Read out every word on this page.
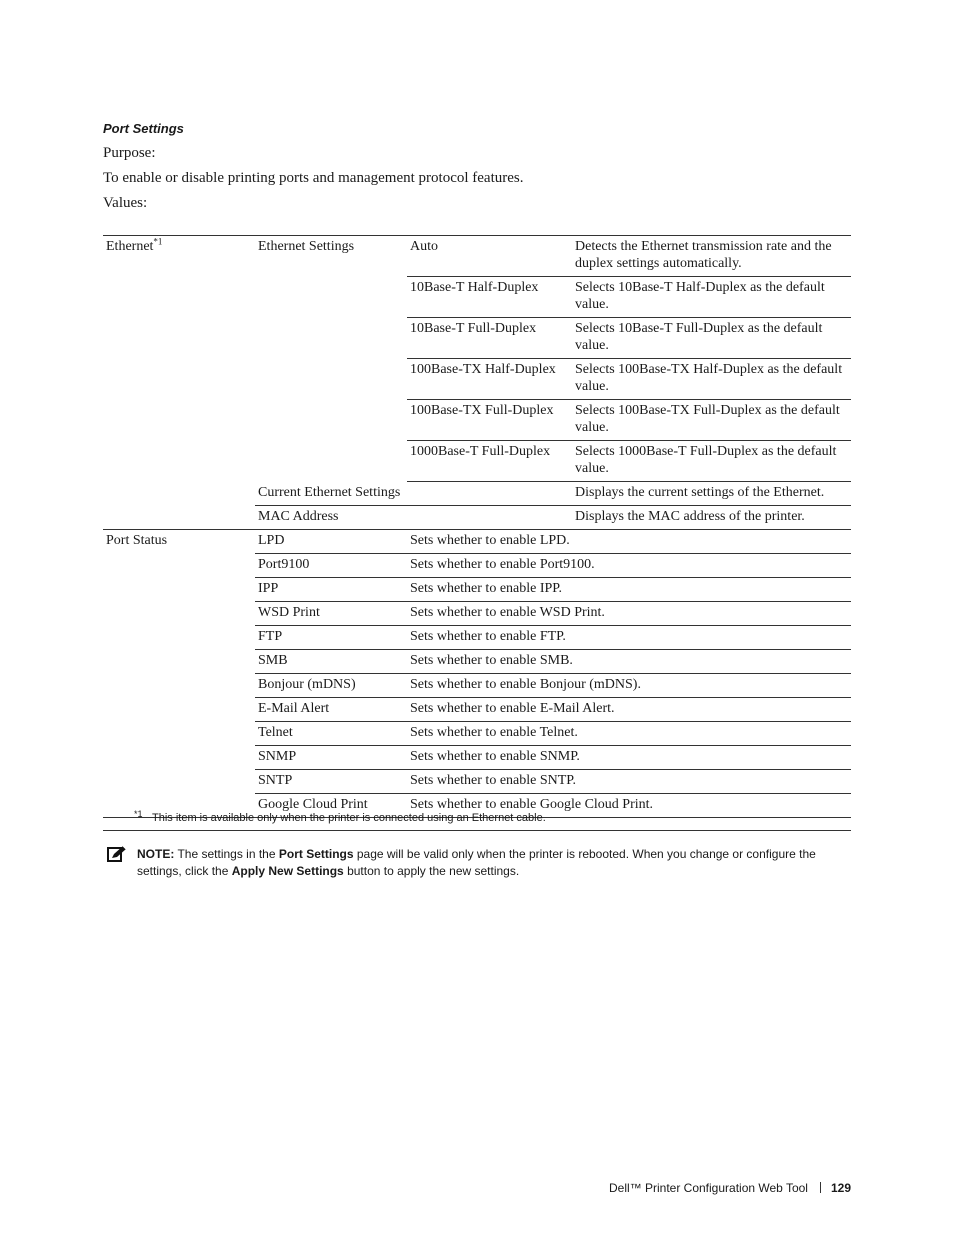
Port Settings
Purpose:
To enable or disable printing ports and management protocol features.
Values:
Ethernet$^{*1}$	Ethernet Settings	Auto	Detects the Ethernet transmission rate and the duplex settings automatically.
		10Base-T Half-Duplex	Selects 10Base-T Half-Duplex as the default value.
		10Base-T Full-Duplex	Selects 10Base-T Full-Duplex as the default value.
		100Base-TX Half-Duplex	Selects 100Base-TX Half-Duplex as the default value.
		100Base-TX Full-Duplex	Selects 100Base-TX Full-Duplex as the default value.
		1000Base-T Full-Duplex	Selects 1000Base-T Full-Duplex as the default value.
	Current Ethernet Settings		Displays the current settings of the Ethernet.
	MAC Address		Displays the MAC address of the printer.
Port Status	LPD	Sets whether to enable LPD.	
	Port9100	Sets whether to enable Port9100.	
	IPP	Sets whether to enable IPP.	
	WSD Print	Sets whether to enable WSD Print.	
	FTP	Sets whether to enable FTP.	
	SMB	Sets whether to enable SMB.	
	Bonjour (mDNS)	Sets whether to enable Bonjour (mDNS).	
	E-Mail Alert	Sets whether to enable E-Mail Alert.	
	Telnet	Sets whether to enable Telnet.	
	SNMP	Sets whether to enable SNMP.	
	SNTP	Sets whether to enable SNTP.	
	Google Cloud Print	Sets whether to enable Google Cloud Print.	
*1 This item is available only when the printer is connected using an Ethernet cable.
NOTE: The settings in the Port Settings page will be valid only when the printer is rebooted. When you change or configure the settings, click the Apply New Settings button to apply the new settings.
Dell™ Printer Configuration Web Tool 129
